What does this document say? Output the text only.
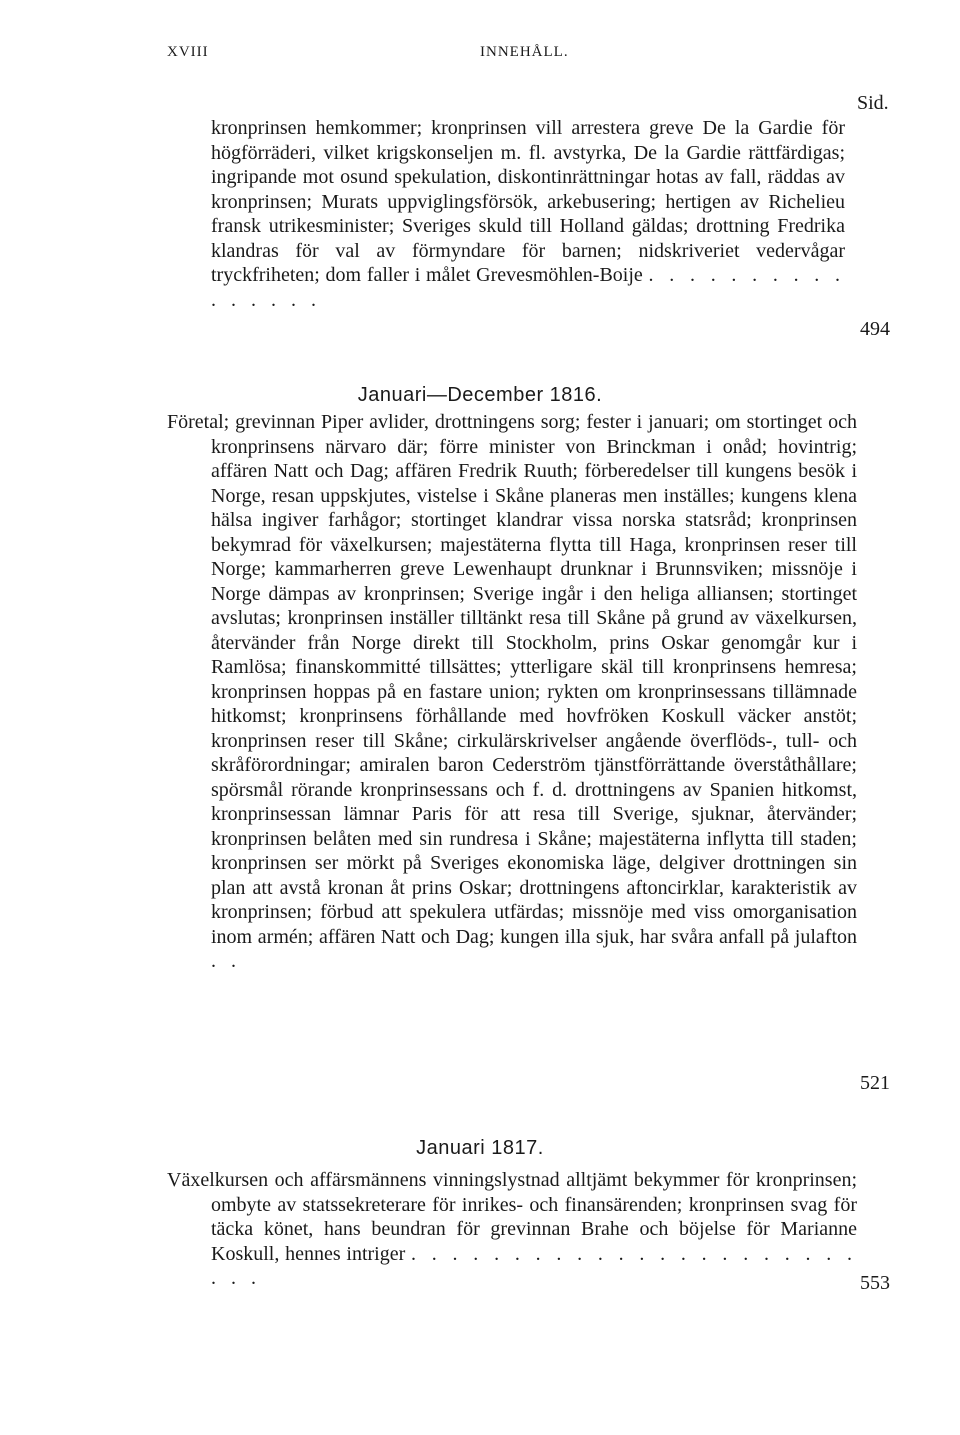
XVIII	INNEHÅLL.
Sid.
kronprinsen hemkommer; kronprinsen vill arrestera greve De la Gardie för högförräderi, vilket krigskonseljen m. fl. avstyrka, De la Gardie rättfärdigas; ingripande mot osund spekulation, diskontinrättningar hotas av fall, räddas av kronprinsen; Murats uppviglingsförsök, arkebusering; hertigen av Richelieu fransk utrikesminister; Sveriges skuld till Holland gäldas; drottning Fredrika klandras för val av förmyndare för barnen; nidskriveriet vedervågar tryckfriheten; dom faller i målet Grevesmöhlen-Boije . . . . . . . . . . . . . . . .
494
Januari—December 1816.
Företal; grevinnan Piper avlider, drottningens sorg; fester i januari; om stortinget och kronprinsens närvaro där; förre minister von Brinckman i onåd; hovintrig; affären Natt och Dag; affären Fredrik Ruuth; förberedelser till kungens besök i Norge, resan uppskjutes, vistelse i Skåne planeras men inställes; kungens klena hälsa ingiver farhågor; stortinget klandrar vissa norska statsråd; kronprinsen bekymrad för växelkursen; majestäterna flytta till Haga, kronprinsen reser till Norge; kammarherren greve Lewenhaupt drunknar i Brunnsviken; missnöje i Norge dämpas av kronprinsen; Sverige ingår i den heliga alliansen; stortinget avslutas; kronprinsen inställer tilltänkt resa till Skåne på grund av växelkursen, återvänder från Norge direkt till Stockholm, prins Oskar genomgår kur i Ramlösa; finanskommitté tillsättes; ytterligare skäl till kronprinsens hemresa; kronprinsen hoppas på en fastare union; rykten om kronprinsessans tillämnade hitkomst; kronprinsens förhållande med hovfröken Koskull väcker anstöt; kronprinsen reser till Skåne; cirkulärskrivelser angående överflöds-, tull- och skråförordningar; amiralen baron Cederström tjänstförrättande överståthållare; spörsmål rörande kronprinsessans och f. d. drottningens av Spanien hitkomst, kronprinsessan lämnar Paris för att resa till Sverige, sjuknar, återvänder; kronprinsen belåten med sin rundresa i Skåne; majestäterna inflytta till staden; kronprinsen ser mörkt på Sveriges ekonomiska läge, delgiver drottningen sin plan att avstå kronan åt prins Oskar; drottningens aftoncirklar, karakteristik av kronprinsen; förbud att spekulera utfärdas; missnöje med viss omorganisation inom armén; affären Natt och Dag; kungen illa sjuk, har svåra anfall på julafton . .
521
Januari 1817.
Växelkursen och affärsmännens vinningslystnad alltjämt bekymmer för kronprinsen; ombyte av statssekreterare för inrikes- och finansärenden; kronprinsen svag för täcka könet, hans beundran för grevinnan Brahe och böjelse för Marianne Koskull, hennes intriger . . . . . . . . . . . . . . . . . . . . . . . . .	553
